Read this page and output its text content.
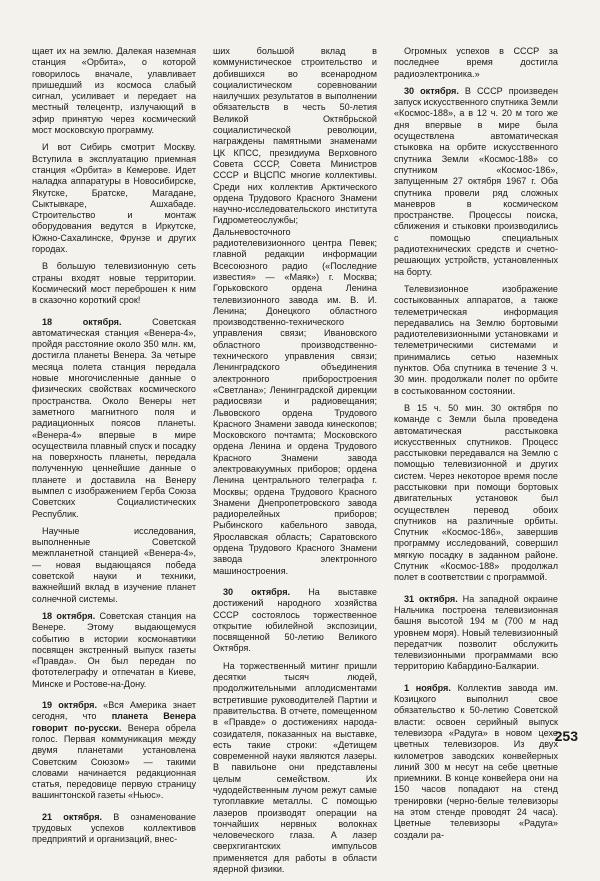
щает их на землю. Далекая наземная станция «Орбита», о которой говорилось вначале, улавливает пришедший из космоса слабый сигнал, усиливает и передает на местный телецентр, излучающий в эфир принятую через космический мост московскую программу.

И вот Сибирь смотрит Москву. Вступила в эксплуатацию приемная станция «Орбита» в Кемерове. Идет наладка аппаратуры в Новосибирске, Якутске, Братске, Магадане, Сыктывкаре, Ашхабаде. Строительство и монтаж оборудования ведутся в Иркутске, Южно-Сахалинске, Фрунзе и других городах.

В большую телевизионную сеть страны входят новые территории. Космический мост переброшен к ним в сказочно короткий срок!

18 октября. Советская автоматическая станция «Венера-4», пройдя расстояние около 350 млн. км, достигла планеты Венера. За четыре месяца полета станция передала новые многочисленные данные о физических свойствах космического пространства. Около Венеры нет заметного магнитного поля и радиационных поясов планеты. «Венера-4» впервые в мире осуществила плавный спуск и посадку на поверхность планеты, передала полученную ценнейшие данные о планете и доставила на Венеру вымпел с изображением Герба Союза Советских Социалистических Республик.

Научные исследования, выполненные Советской межпланетной станцией «Венера-4», — новая выдающаяся победа советской науки и техники, важнейший вклад в изучение планет солнечной системы.

18 октября. Советская станция на Венере. Этому выдающемуся событию в истории космонавтики посвящен экстренный выпуск газеты «Правда». Он был передан по фототелеграфу и отпечатан в Киеве, Минске и Ростове-на-Дону.

19 октября. «Вся Америка знает сегодня, что планета Венера говорит по-русски. Венера обрела голос. Первая коммуникация между двумя планетами установлена Советским Союзом» — такими словами начинается редакционная статья, передовице первую страницу вашингтонской газеты «Ньюс».

21 октября. В ознаменование трудовых успехов коллективов предприятий и организаций, внес-

ших большой вклад в коммунистическое строительство и добившихся во всенародном социалистическом соревновании наилучших результатов в выполнении обязательств в честь 50-летия Великой Октябрьской социалистической революции, награждены памятными знаменами ЦК КПСС, президиума Верховного Совета СССР, Совета Министров СССР и ВЦСПС многие коллективы. Среди них коллектив Арктического ордена Трудового Красного Знамени научно-исследовательского института Гидрометеослужбы; Дальневосточного радиотелевизионного центра Певек; главной редакции информации Всесоюзного радио («Последние известия» — «Маяк») г. Москва; Горьковского ордена Ленина телевизионного завода им. В. И. Ленина; Донецкого областного производственно-технического управления связи; Ивановского областного производственно-технического управления связи; Ленинградского объединения электронного приборостроения «Светлана»; Ленинградской дирекции радиосвязи и радиовещания; Львовского ордена Трудового Красного Знамени завода кинескопов; Московского почтамта; Московского ордена Ленина и ордена Трудового Красного Знамени завода электровакуумных приборов; ордена Ленина центрального телеграфа г. Москвы; ордена Трудового Красного Знамени Днепропетровского завода радиорелейных приборов; Рыбинского кабельного завода, Ярославская область; Саратовского ордена Трудового Красного Знамени завода электронного машиностроения.

30 октября. На выставке достижений народного хозяйства СССР состоялось торжественное открытие юбилейной экспозиции, посвященной 50-летию Великого Октября.

На торжественный митинг пришли десятки тысяч людей, продолжительными аплодисментами встретившие руководителей Партии и правительства. В отчете, помещенном в «Правде» о достижениях народа-созидателя, показанных на выставке, есть такие строки: «Детищем современной науки являются лазеры. В павильоне они представлены целым семейством. Их чудодейственным лучом режут самые тугоплавкие металлы. С помощью лазеров производят операции на тончайших нервных волокнах человеческого глаза. А лазер сверхгигантских импульсов применяется для работы в области ядерной физики.

Огромных успехов в СССР за последнее время достигла радиоэлектроника.»

30 октября. В СССР произведен запуск искусственного спутника Земли «Космос-188», а в 12 ч. 20 м того же дня впервые в мире была осуществлена автоматическая стыковка на орбите искусственного спутника Земли «Космос-188» со спутником «Космос-186», запущенным 27 октября 1967 г. Оба спутника провели ряд сложных маневров в космическом пространстве. Процессы поиска, сближения и стыковки производились с помощью специальных радиотехнических средств и счетно-решающих устройств, установленных на борту.

Телевизионное изображение состыкованных аппаратов, а также телеметрическая информация передавались на Землю бортовыми радиотелевизионными установками и телеметрическими системами и принимались сетью наземных пунктов. Оба спутника в течение 3 ч. 30 мин. продолжали полет по орбите в состыкованном состоянии.

В 15 ч. 50 мин. 30 октября по команде с Земли была проведена автоматическая расстыковка искусственных спутников. Процесс расстыковки передавался на Землю с помощью телевизионной и других систем. Через некоторое время после расстыковки при помощи бортовых двигательных установок был осуществлен перевод обоих спутников на различные орбиты. Спутник «Космос-186», завершив программу исследований, совершил мягкую посадку в заданном районе. Спутник «Космос-188» продолжал полет в соответствии с программой.

31 октября. На западной окраине Нальчика построена телевизионная башня высотой 194 м (700 м над уровнем моря). Новый телевизионный передатчик позволит обслужить телевизионными программами всю территорию Кабардино-Балкарии.

1 ноября. Коллектив завода им. Козицкого выполнил свое обязательство к 50-летию Советской власти: освоен серийный выпуск телевизора «Радуга» в новом цехе цветных телевизоров. Из двух километров заводских конвейерных линий 300 м несут на себе цветные приемники. В конце конвейера они на 150 часов попадают на стенд тренировки (черно-белые телевизоры на этом стенде проводят 24 часа). Цветные телевизоры «Радуга» создали ра-

253
